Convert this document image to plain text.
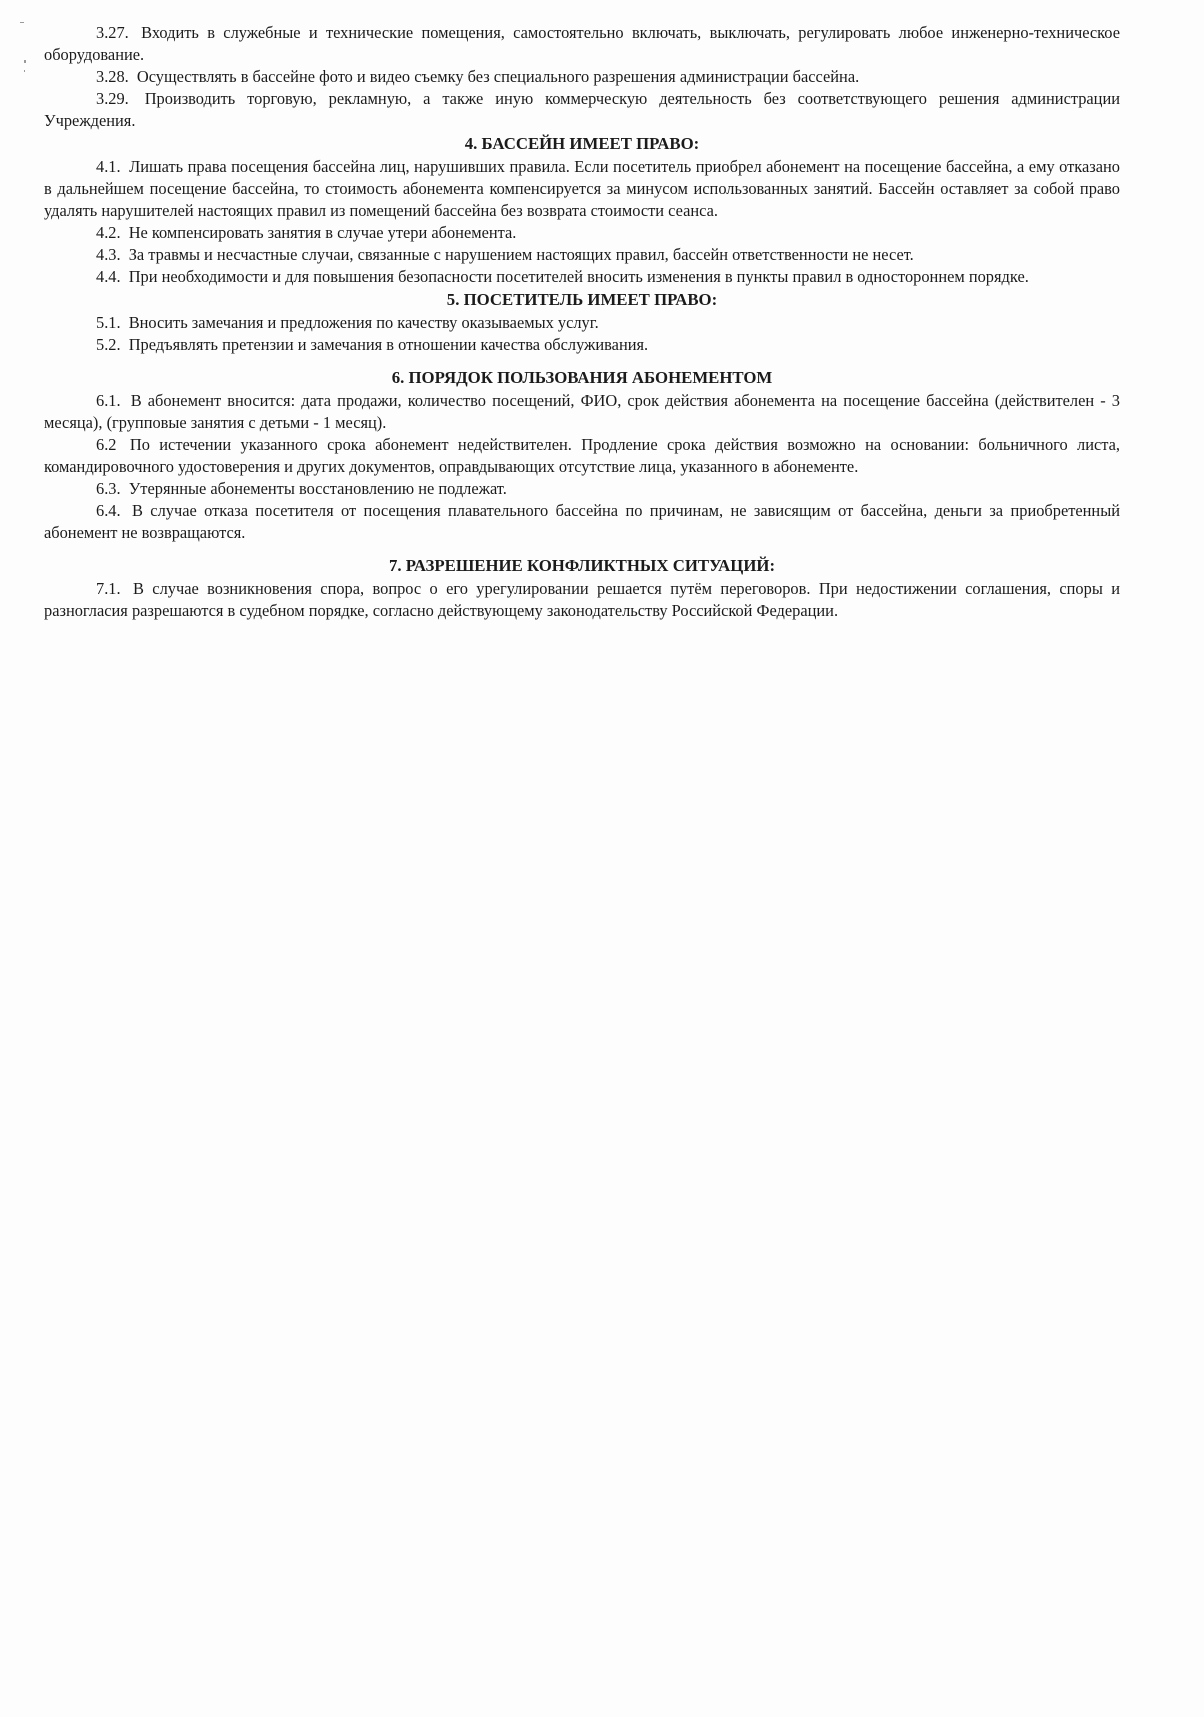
3.27. Входить в служебные и технические помещения, самостоятельно включать, выключать, регулировать любое инженерно-техническое оборудование.

3.28. Осуществлять в бассейне фото и видео съемку без специального разрешения администрации бассейна.

3.29. Производить торговую, рекламную, а также иную коммерческую деятельность без соответствующего решения администрации Учреждения.

4. БАССЕЙН ИМЕЕТ ПРАВО:

4.1. Лишать права посещения бассейна лиц, нарушивших правила. Если посетитель приобрел абонемент на посещение бассейна, а ему отказано в дальнейшем посещение бассейна, то стоимость абонемента компенсируется за минусом использованных занятий. Бассейн оставляет за собой право удалять нарушителей настоящих правил из помещений бассейна без возврата стоимости сеанса.

4.2. Не компенсировать занятия в случае утери абонемента.

4.3. За травмы и несчастные случаи, связанные с нарушением настоящих правил, бассейн ответственности не несет.

4.4. При необходимости и для повышения безопасности посетителей вносить изменения в пункты правил в одностороннем порядке.

5. ПОСЕТИТЕЛЬ ИМЕЕТ ПРАВО:

5.1. Вносить замечания и предложения по качеству оказываемых услуг.

5.2. Предъявлять претензии и замечания в отношении качества обслуживания.

6. ПОРЯДОК ПОЛЬЗОВАНИЯ АБОНЕМЕНТОМ

6.1. В абонемент вносится: дата продажи, количество посещений, ФИО, срок действия абонемента на посещение бассейна (действителен - 3 месяца), (групповые занятия с детьми - 1 месяц).

6.2 По истечении указанного срока абонемент недействителен. Продление срока действия возможно на основании: больничного листа, командировочного удостоверения и других документов, оправдывающих отсутствие лица, указанного в абонементе.

6.3. Утерянные абонементы восстановлению не подлежат.

6.4. В случае отказа посетителя от посещения плавательного бассейна по причинам, не зависящим от бассейна, деньги за приобретенный абонемент не возвращаются.

7. РАЗРЕШЕНИЕ КОНФЛИКТНЫХ СИТУАЦИЙ:

7.1. В случае возникновения спора, вопрос о его урегулировании решается путём переговоров. При недостижении соглашения, споры и разногласия разрешаются в судебном порядке, согласно действующему законодательству Российской Федерации.
